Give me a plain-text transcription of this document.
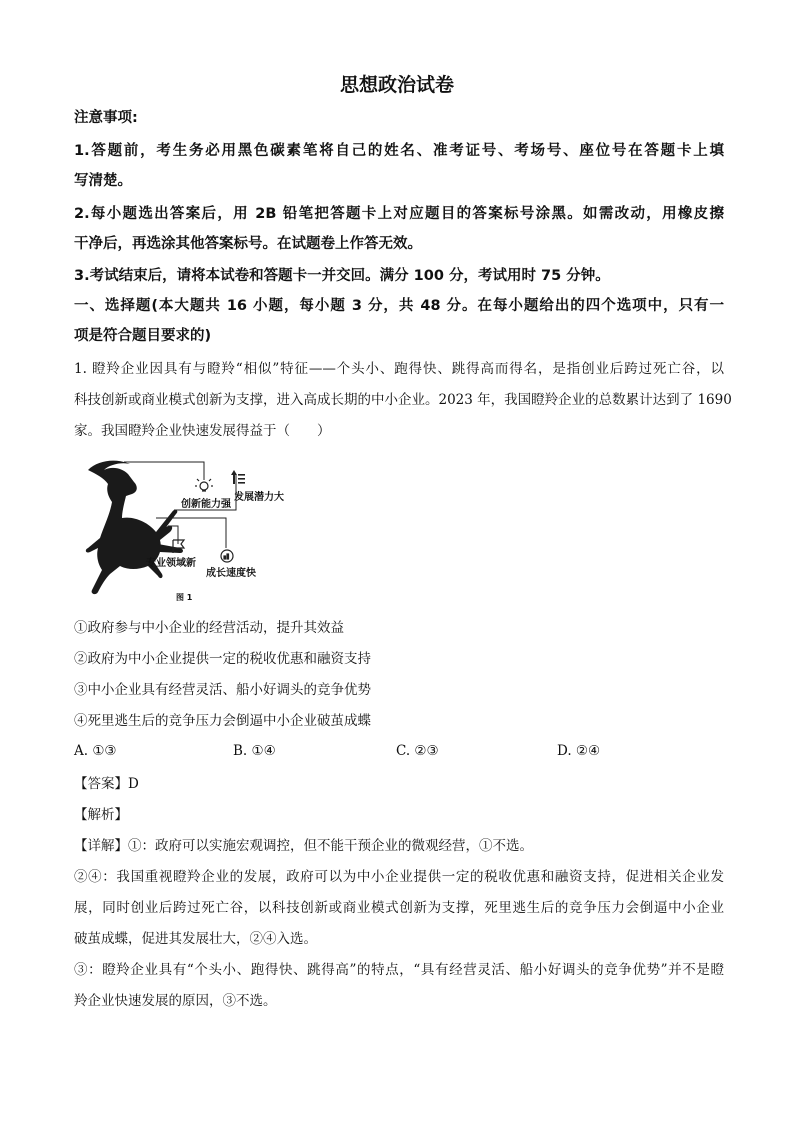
思想政治试卷
注意事项:
1.答题前，考生务必用黑色碳素笔将自己的姓名、准考证号、考场号、座位号在答题卡上填
写清楚。
2.每小题选出答案后，用 2B 铅笔把答题卡上对应题目的答案标号涂黑。如需改动，用橡皮擦
干净后，再选涂其他答案标号。在试题卷上作答无效。
3.考试结束后，请将本试卷和答题卡一并交回。满分 100 分，考试用时 75 分钟。
一、选择题(本大题共 16 小题，每小题 3 分，共 48 分。在每小题给出的四个选项中，只有一
项是符合题目要求的)
1. 瞪羚企业因具有与瞪羚“相似”特征——个头小、跑得快、跳得高而得名，是指创业后跨过死亡谷，以
科技创新或商业模式创新为支撑，进入高成长期的中小企业。2023 年，我国瞪羚企业的总数累计达到了 1690
家。我国瞪羚企业快速发展得益于（　　）
创新能力强
发展潜力大
专业领域新
成长速度快
图 1
①政府参与中小企业的经营活动，提升其效益
②政府为中小企业提供一定的税收优惠和融资支持
③中小企业具有经营灵活、船小好调头的竞争优势
④死里逃生后的竞争压力会倒逼中小企业破茧成蝶
A. ①③	B. ①④	C. ②③	D. ②④
【答案】D
【解析】
【详解】①：政府可以实施宏观调控，但不能干预企业的微观经营，①不选。
②④：我国重视瞪羚企业的发展，政府可以为中小企业提供一定的税收优惠和融资支持，促进相关企业发
展，同时创业后跨过死亡谷，以科技创新或商业模式创新为支撑，死里逃生后的竞争压力会倒逼中小企业
破茧成蝶，促进其发展壮大，②④入选。
③：瞪羚企业具有“个头小、跑得快、跳得高”的特点，“具有经营灵活、船小好调头的竞争优势”并不是瞪
羚企业快速发展的原因，③不选。
